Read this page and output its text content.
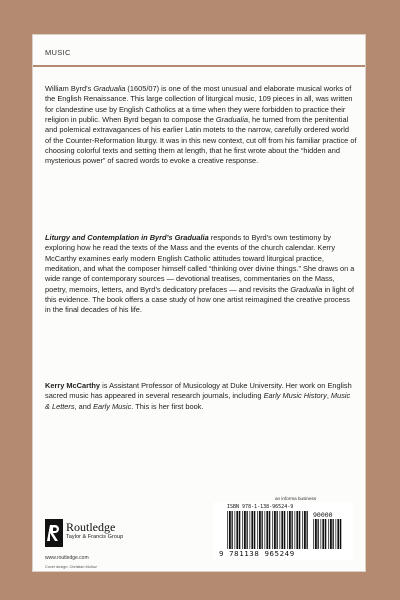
MUSIC

William Byrd’s Gradualia (1605/07) is one of the most unusual and elaborate musical works of the English Renaissance. This large collection of liturgical music, 109 pieces in all, was written for clandestine use by English Catholics at a time when they were forbidden to practice their religion in public. When Byrd began to compose the Gradualia, he turned from the penitential and polemical extravagances of his earlier Latin motets to the narrow, carefully ordered world of the Counter-Reformation liturgy. It was in this new context, cut off from his familiar practice of choosing colorful texts and setting them at length, that he first wrote about the “hidden and mysterious power” of sacred words to evoke a creative response.

Liturgy and Contemplation in Byrd’s Gradualia responds to Byrd’s own testimony by exploring how he read the texts of the Mass and the events of the church calendar. Kerry McCarthy examines early modern English Catholic attitudes toward liturgical practice, meditation, and what the composer himself called “thinking over divine things.” She draws on a wide range of contemporary sources — devotional treatises, commentaries on the Mass, poetry, memoirs, letters, and Byrd’s dedicatory prefaces — and revisits the Gradualia in light of this evidence. The book offers a case study of how one artist reimagined the creative process in the final decades of his life.

Kerry McCarthy is Assistant Professor of Musicology at Duke University. Her work on English sacred music has appeared in several research journals, including Early Music History, Music & Letters, and Early Music. This is her first book.

an informa business
ISBN 978-1-138-96524-9
90000
9 781138 965249
Routledge
Taylor & Francis Group
www.routledge.com
Cover design: Christian Muñoz
